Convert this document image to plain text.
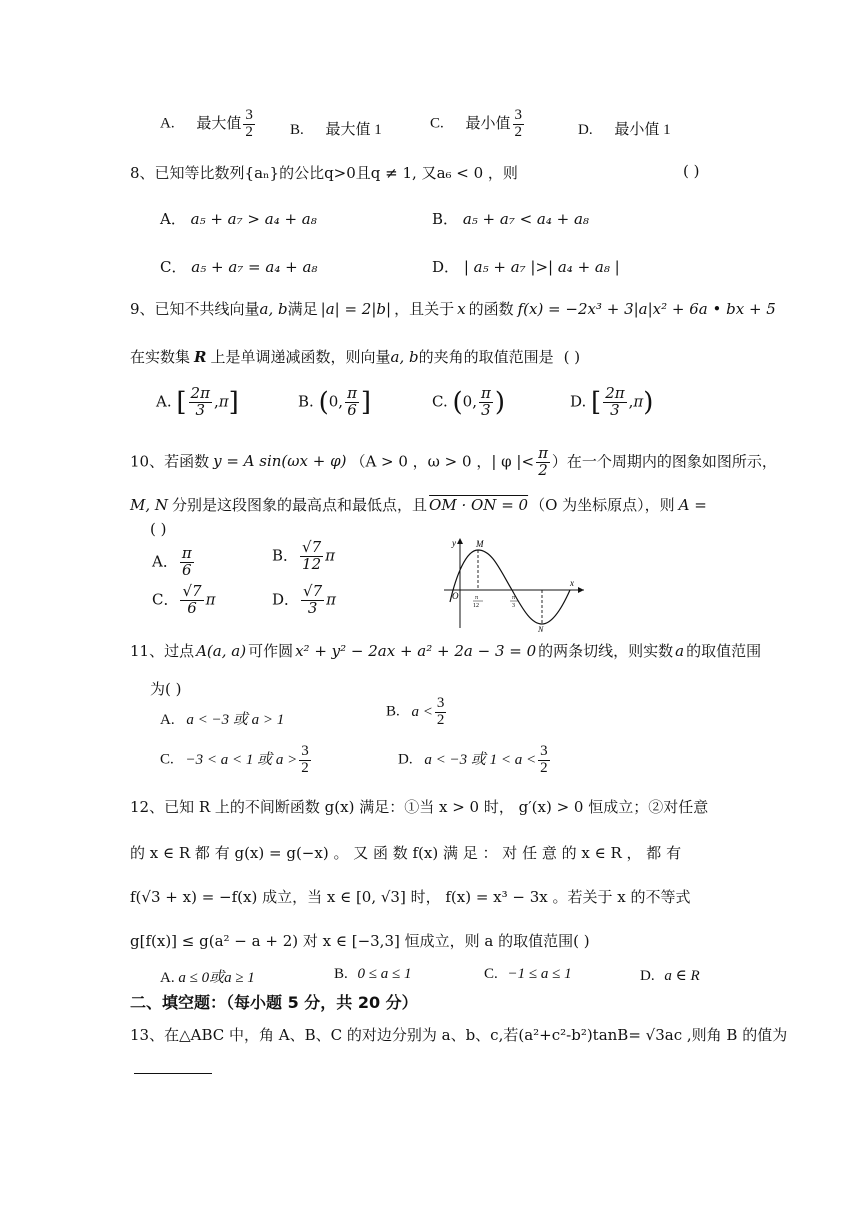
A. 最大值 $\frac{3}{2} B$. 最大值 1	C. 最小值 $\frac{3}{2}$	D. 最小值 1
8、已知等比数列{aₙ}的公比q>0且q ≠ 1, 又a₆ < 0 ，则	( )
A． a₅ + a₇ > a₄ + a₈	B． a₅ + a₇ < a₄ + a₈
C． a₅ + a₇ = a₄ + a₈	D． | a₅ + a₇ |>| a₄ + a₈ |
9、已知不共线向量a, b满足 |a| = 2|b| ，且关于 x 的函数 f(x) = −2x³ + 3|a|x² + 6a • bx + 5
在实数集 R 上是单调递减函数，则向量a, b的夹角的取值范围是 ( )
A. [ $\frac{2\pi}{3} ,\pi$]	B. (0, $\frac{\pi}{6}$ ]	C. (0, $\frac{\pi}{3}$ )	D. [ $\frac{2\pi}{3} ,\pi$)
10、若函数 y = A sin(ωx + φ) （A > 0 ，ω > 0 ，| φ |< $\frac{\pi}{2}$ ）在一个周期内的图象如图所示，
M, N 分别是这段图象的最高点和最低点，且 OM · ON = 0 （O 为坐标原点），则 A =
( )
A． $\frac{\pi}{6}$	B． $\frac{√7}{12}$ π
C． $\frac{√7}{6}$ π	D． $\frac{√7}{3}$ π
y
x
O
M
N
π
12
π
3
11、过点 A(a, a) 可作圆 x² + y² − 2ax + a² + 2a − 3 = 0 的两条切线，则实数 a 的取值范围
为( )
A. a < −3 或 a > 1
B. $a < \frac{3}{2}$
C. −3 < a < 1 或 $a > \frac{3}{2}$	D. a < −3 或 $1 < a < \frac{3}{2}$
12、已知 R 上的不间断函数 g(x) 满足：①当 x > 0 时， g′(x) > 0 恒成立；②对任意
的 x ∈ R 都 有 g(x) = g(−x) 。 又 函 数 f(x) 满 足 ： 对 任 意 的 x ∈ R ， 都 有
f(√3 + x) = −f(x) 成立，当 x ∈ [0, √3] 时， f(x) = x³ − 3x 。若关于 x 的不等式
g[f(x)] ≤ g(a² − a + 2) 对 x ∈ [−3,3] 恒成立，则 a 的取值范围( )
A. a ≤ 0或a ≥ 1	B. 0 ≤ a ≤ 1	C. −1 ≤ a ≤ 1	D. a ∈ R
二、填空题：（每小题 5 分，共 20 分）
13、在△ABC 中，角 A、B、C 的对边分别为 a、b、c,若(a²+c²-b²)tanB= √3ac ,则角 B 的值为
